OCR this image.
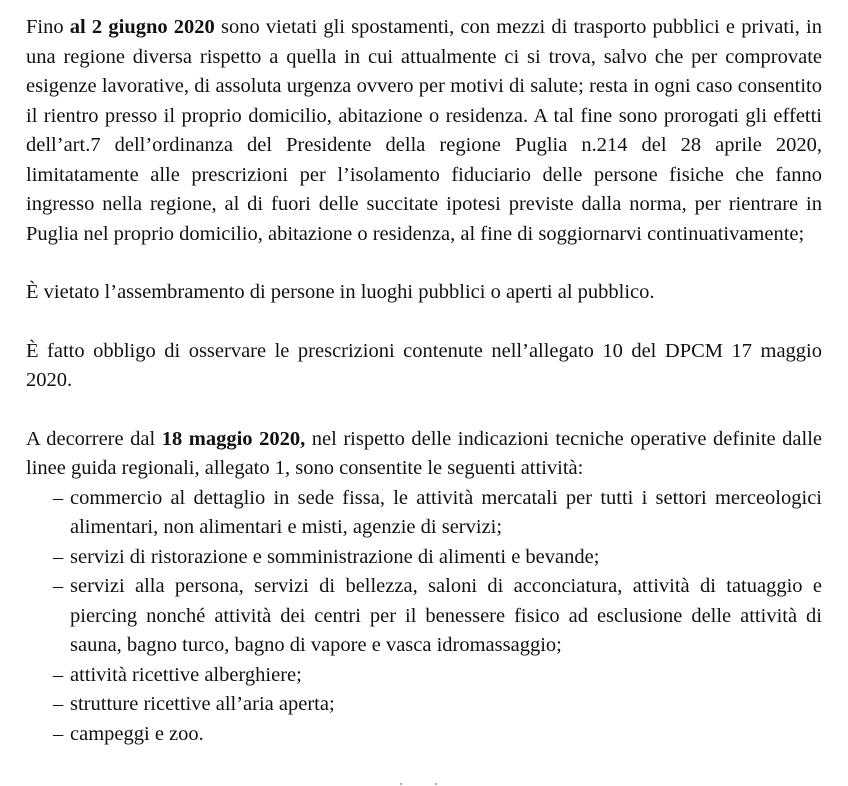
Fino al 2 giugno 2020 sono vietati gli spostamenti, con mezzi di trasporto pubblici e privati, in una regione diversa rispetto a quella in cui attualmente ci si trova, salvo che per comprovate esigenze lavorative, di assoluta urgenza ovvero per motivi di salute; resta in ogni caso consentito il rientro presso il proprio domicilio, abitazione o residenza. A tal fine sono prorogati gli effetti dell’art.7 dell’ordinanza del Presidente della regione Puglia n.214 del 28 aprile 2020, limitatamente alle prescrizioni per l’isolamento fiduciario delle persone fisiche che fanno ingresso nella regione, al di fuori delle succitate ipotesi previste dalla norma, per rientrare in Puglia nel proprio domicilio, abitazione o residenza, al fine di soggiornarvi continuativamente;

È vietato l’assembramento di persone in luoghi pubblici o aperti al pubblico.

È fatto obbligo di osservare le prescrizioni contenute nell’allegato 10 del DPCM 17 maggio 2020.

A decorrere dal 18 maggio 2020, nel rispetto delle indicazioni tecniche operative definite dalle linee guida regionali, allegato 1, sono consentite le seguenti attività:

– commercio al dettaglio in sede fissa, le attività mercatali per tutti i settori merceologici alimentari, non alimentari e misti, agenzie di servizi;
– servizi di ristorazione e somministrazione di alimenti e bevande;
– servizi alla persona, servizi di bellezza, saloni di acconciatura, attività di tatuaggio e piercing nonché attività dei centri per il benessere fisico ad esclusione delle attività di sauna, bagno turco, bagno di vapore e vasca idromassaggio;
– attività ricettive alberghiere;
– strutture ricettive all’aria aperta;
– campeggi e zoo.
